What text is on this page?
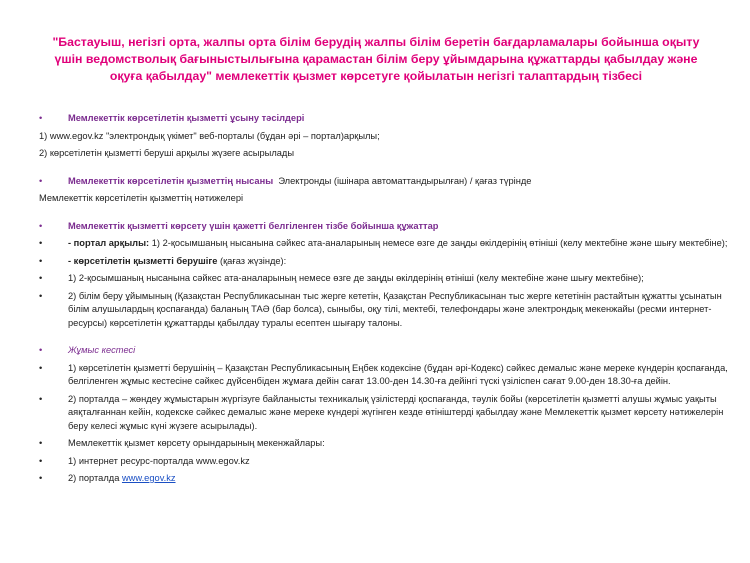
"Бастауыш, негізгі орта, жалпы орта білім берудің жалпы білім беретін бағдарламалары бойынша оқыту үшін ведомстволық бағыныстылығына қарамастан білім беру ұйымдарына құжаттарды қабылдау және оқуға қабылдау" мемлекеттік қызмет көрсетуге қойылатын негізгі талаптардың тізбесі
•	Мемлекеттік көрсетілетін қызметті ұсыну тәсілдері
1) www.egov.kz "электрондық үкімет" веб-порталы (бұдан әрі – портал)арқылы;
2) көрсетілетін қызметті беруші арқылы жүзеге асырылады
•	Мемлекеттік көрсетілетін қызметтің нысаны Электронды (ішінара автоматтандырылған) / қағаз түрінде
Мемлекеттік көрсетілетін қызметтің нәтижелері
•	Мемлекеттік қызметті көрсету үшін қажетті белгіленген тізбе бойынша құжаттар
•	- портал арқылы: 1) 2-қосымшаның нысанына сәйкес ата-аналарының немесе өзге де заңды өкілдерінің өтініші (келу мектебіне және шығу мектебіне);
•	- көрсетілетін қызметті берушіге (қағаз жүзінде):
•	1) 2-қосымшаның нысанына сәйкес ата-аналарының немесе өзге де заңды өкілдерінің өтініші (келу мектебіне және шығу мектебіне);
•	2) білім беру ұйымының (Қазақстан Республикасынан тыс жерге кететін, Қазақстан Республикасынан тыс жерге кететінін растайтын құжатты ұсынатын білім алушылардың қоспағанда) баланың ТАӘ (бар болса), сыныбы, оқу тілі, мектебі, телефондары және электрондық мекенжайы (ресми интернет-ресурсы) көрсетілетін құжаттарды қабылдау туралы есептен шығару талоны.
•	Жұмыс кестесі
•	1) көрсетілетін қызметті берушінің – Қазақстан Республикасының Еңбек кодексіне (бұдан әрі-Кодекс) сәйкес демалыс және мереке күндерін қоспағанда, белгіленген жұмыс кестесіне сәйкес дүйсенбіден жұмаға дейін сағат 13.00-ден 14.30-ға дейінгі түскі үзіліспен сағат 9.00-ден 18.30-ға дейін.
•	2) порталда – жөндеу жұмыстарын жүргізуге байланысты техникалық үзілістерді қоспағанда, тәулік бойы (көрсетілетін қызметті алушы жұмыс уақыты аяқталғаннан кейін, кодекске сәйкес демалыс және мереке күндері жүгінген кезде өтініштерді қабылдау және Мемлекеттік қызмет көрсету нәтижелерін беру келесі жұмыс күні жүзеге асырылады).
•	Мемлекеттік қызмет көрсету орындарының мекенжайлары:
•	1) интернет ресурс-порталда www.egov.kz
•	2) порталда www.egov.kz
